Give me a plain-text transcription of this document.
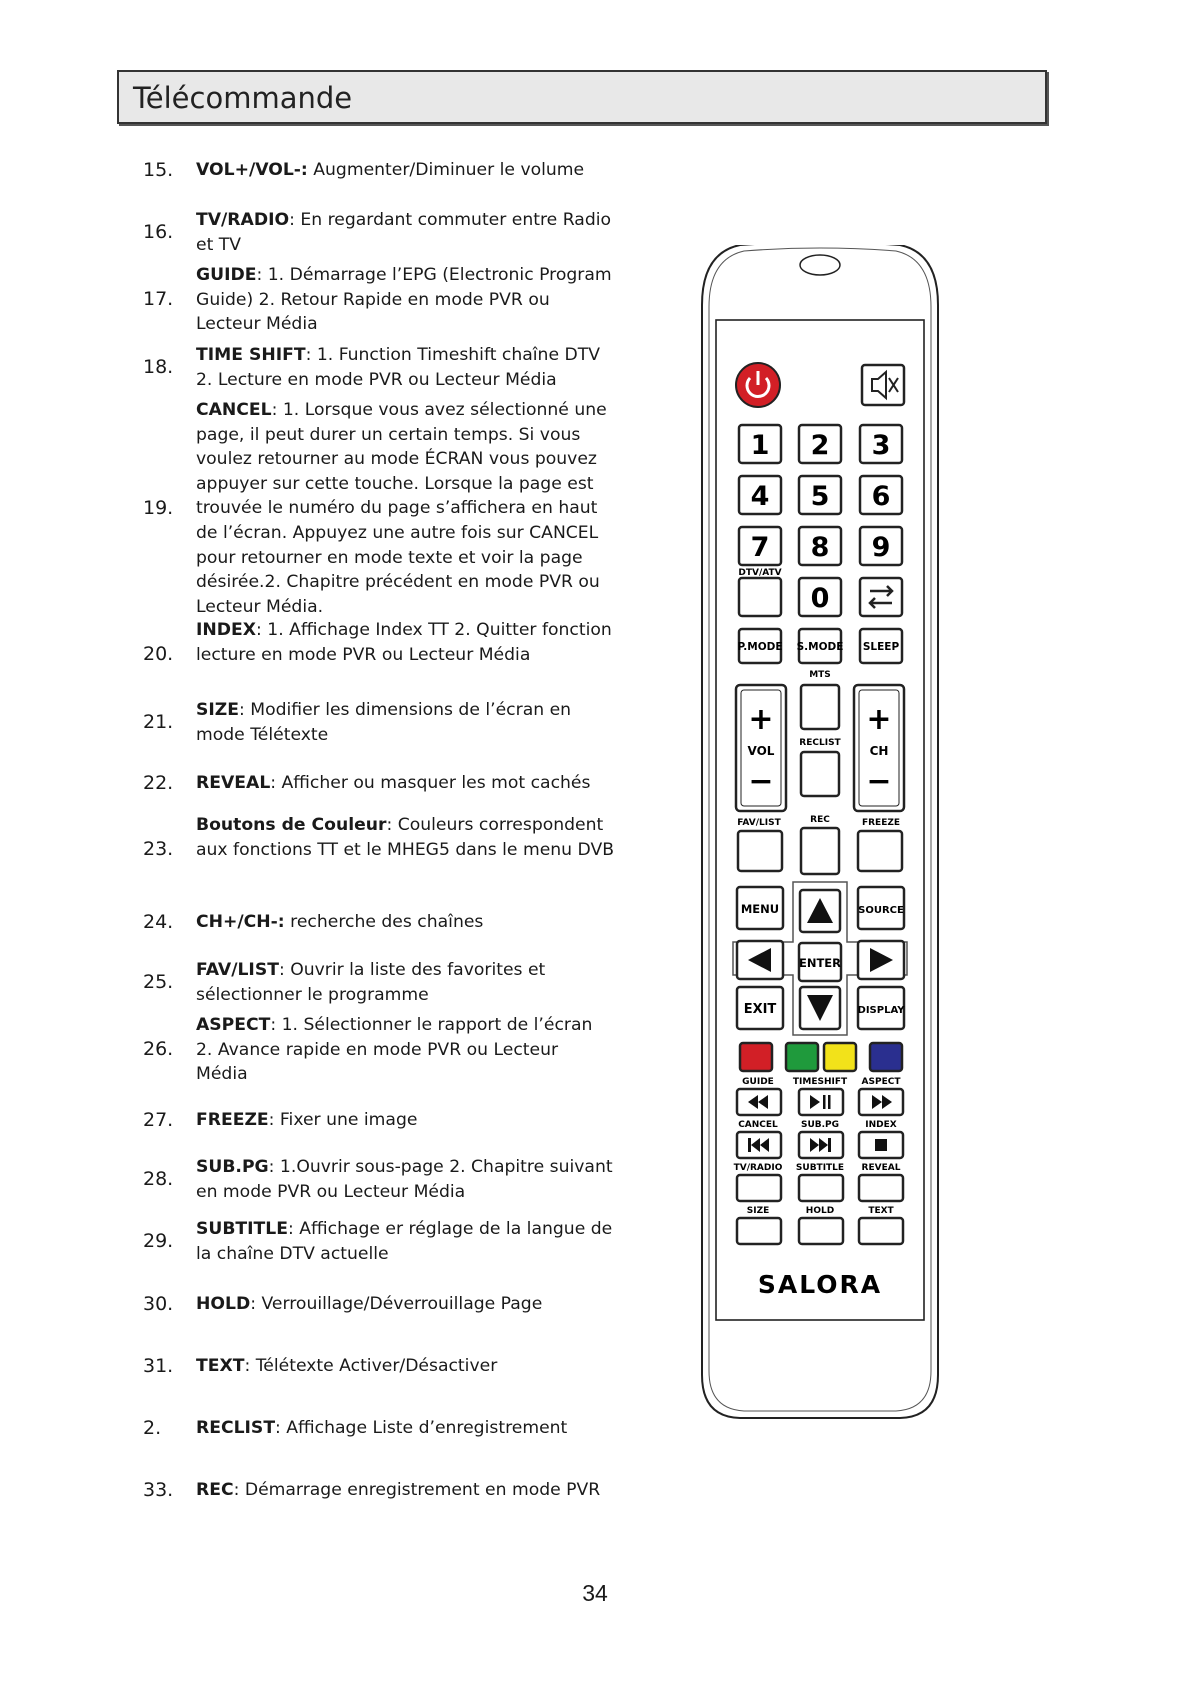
Télécommande
15.	VOL+/VOL-: Augmenter/Diminuer le volume
16.
TV/RADIO: En regardant commuter entre Radio et TV
17.
GUIDE: 1. Démarrage l’EPG (Electronic Program Guide) 2. Retour Rapide en mode PVR ou Lecteur Média
18.
TIME SHIFT: 1. Function Timeshift chaîne DTV 2. Lecture en mode PVR ou Lecteur Média
19.
CANCEL: 1. Lorsque vous avez sélectionné une page, il peut durer un certain temps. Si vous voulez retourner au mode ÉCRAN vous pouvez appuyer sur cette touche. Lorsque la page est trouvée le numéro du page s’affichera en haut de l’écran. Appuyez une autre fois sur CANCEL pour retourner en mode texte et voir la page désirée.2. Chapitre précédent en mode PVR ou Lecteur Média.
20.
INDEX: 1. Affichage Index TT 2. Quitter fonction lecture en mode PVR ou Lecteur Média
21.
SIZE: Modifier les dimensions de l’écran en mode Télétexte
22.	REVEAL: Afficher ou masquer les mot cachés
23.
Boutons de Couleur: Couleurs correspondent aux fonctions TT et le MHEG5 dans le menu DVB
24.	CH+/CH-: recherche des chaînes
25.
FAV/LIST: Ouvrir la liste des favorites et sélectionner le programme
26.
ASPECT: 1. Sélectionner le rapport de l’écran 2. Avance rapide en mode PVR ou Lecteur Média
27.	FREEZE: Fixer une image
28.
SUB.PG: 1.Ouvrir sous-page 2. Chapitre suivant en mode PVR ou Lecteur Média
29.
SUBTITLE: Affichage er réglage de la langue de la chaîne DTV actuelle
30.	HOLD: Verrouillage/Déverrouillage Page
31.	TEXT: Télétexte Activer/Désactiver
2.	RECLIST: Affichage Liste d’enregistrement
33.	REC: Démarrage enregistrement en mode PVR
1 2 3
4 5 6
7 8 9
0
DTV/ATV
P.MODE S.MODE SLEEP
MTS
+
VOL
−
+
CH
−
RECLIST
FAV/LIST	REC	FREEZE
MENU	SOURCE
ENTER
EXIT	DISPLAY
GUIDE TIMESHIFT ASPECT
CANCEL	SUB.PG	INDEX
TV/RADIO SUBTITLE REVEAL
SIZE	HOLD	TEXT
SALORA
34
